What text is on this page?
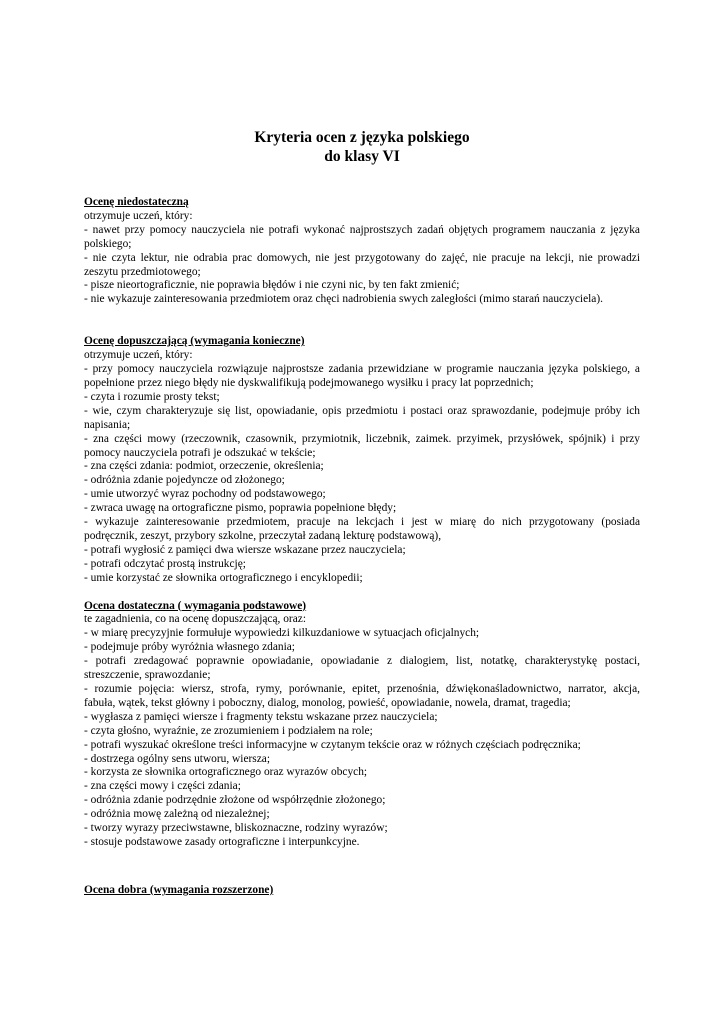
Kryteria ocen z języka polskiego
do klasy VI
Ocenę niedostateczną
otrzymuje uczeń, który:
- nawet przy pomocy nauczyciela nie potrafi wykonać najprostszych zadań objętych programem nauczania z języka
polskiego;
- nie czyta lektur, nie odrabia prac domowych, nie jest przygotowany do zajęć, nie pracuje na lekcji, nie prowadzi
zeszytu przedmiotowego;
- pisze nieortograficznie, nie poprawia błędów i nie czyni nic, by ten fakt zmienić;
- nie wykazuje zainteresowania przedmiotem oraz chęci nadrobienia swych zaległości (mimo starań nauczyciela).
Ocenę dopuszczającą (wymagania konieczne)
otrzymuje uczeń, który:
- przy pomocy nauczyciela rozwiązuje najprostsze zadania przewidziane w programie nauczania języka polskiego, a
popełnione przez niego błędy nie dyskwalifikują podejmowanego wysiłku i pracy lat poprzednich;
- czyta i rozumie prosty tekst;
- wie, czym charakteryzuje się list, opowiadanie, opis przedmiotu i postaci oraz sprawozdanie, podejmuje próby ich
napisania;
- zna części mowy (rzeczownik, czasownik, przymiotnik, liczebnik, zaimek. przyimek, przysłówek, spójnik) i przy
pomocy nauczyciela potrafi je odszukać w tekście;
- zna części zdania: podmiot, orzeczenie, określenia;
- odróżnia zdanie pojedyncze od złożonego;
- umie utworzyć wyraz pochodny od podstawowego;
- zwraca uwagę na ortograficzne pismo, poprawia popełnione błędy;
- wykazuje zainteresowanie przedmiotem, pracuje na lekcjach i jest w miarę do nich przygotowany (posiada
podręcznik, zeszyt, przybory szkolne, przeczytał zadaną lekturę podstawową),
- potrafi wygłosić z pamięci dwa wiersze wskazane przez nauczyciela;
- potrafi odczytać prostą instrukcję;
- umie korzystać ze słownika ortograficznego i encyklopedii;
Ocena dostateczna ( wymagania podstawowe)
te zagadnienia, co na ocenę dopuszczającą, oraz:
- w miarę precyzyjnie formułuje wypowiedzi kilkuzdaniowe w sytuacjach oficjalnych;
- podejmuje próby wyróżnia własnego zdania;
- potrafi zredagować poprawnie opowiadanie, opowiadanie z dialogiem, list, notatkę, charakterystykę postaci,
streszczenie, sprawozdanie;
- rozumie pojęcia: wiersz, strofa, rymy, porównanie, epitet, przenośnia, dźwiękonaśladownictwo, narrator, akcja,
fabuła, wątek, tekst główny i poboczny, dialog, monolog, powieść, opowiadanie, nowela, dramat, tragedia;
- wygłasza z pamięci wiersze i fragmenty tekstu wskazane przez nauczyciela;
- czyta głośno, wyraźnie, ze zrozumieniem i podziałem na role;
- potrafi wyszukać określone treści informacyjne w czytanym tekście oraz w różnych częściach podręcznika;
- dostrzega ogólny sens utworu, wiersza;
- korzysta ze słownika ortograficznego oraz wyrazów obcych;
- zna części mowy i części zdania;
- odróżnia zdanie podrzędnie złożone od współrzędnie złożonego;
- odróżnia mowę zależną od niezależnej;
- tworzy wyrazy przeciwstawne, bliskoznaczne, rodziny wyrazów;
- stosuje podstawowe zasady ortograficzne i interpunkcyjne.
Ocena dobra (wymagania rozszerzone)
